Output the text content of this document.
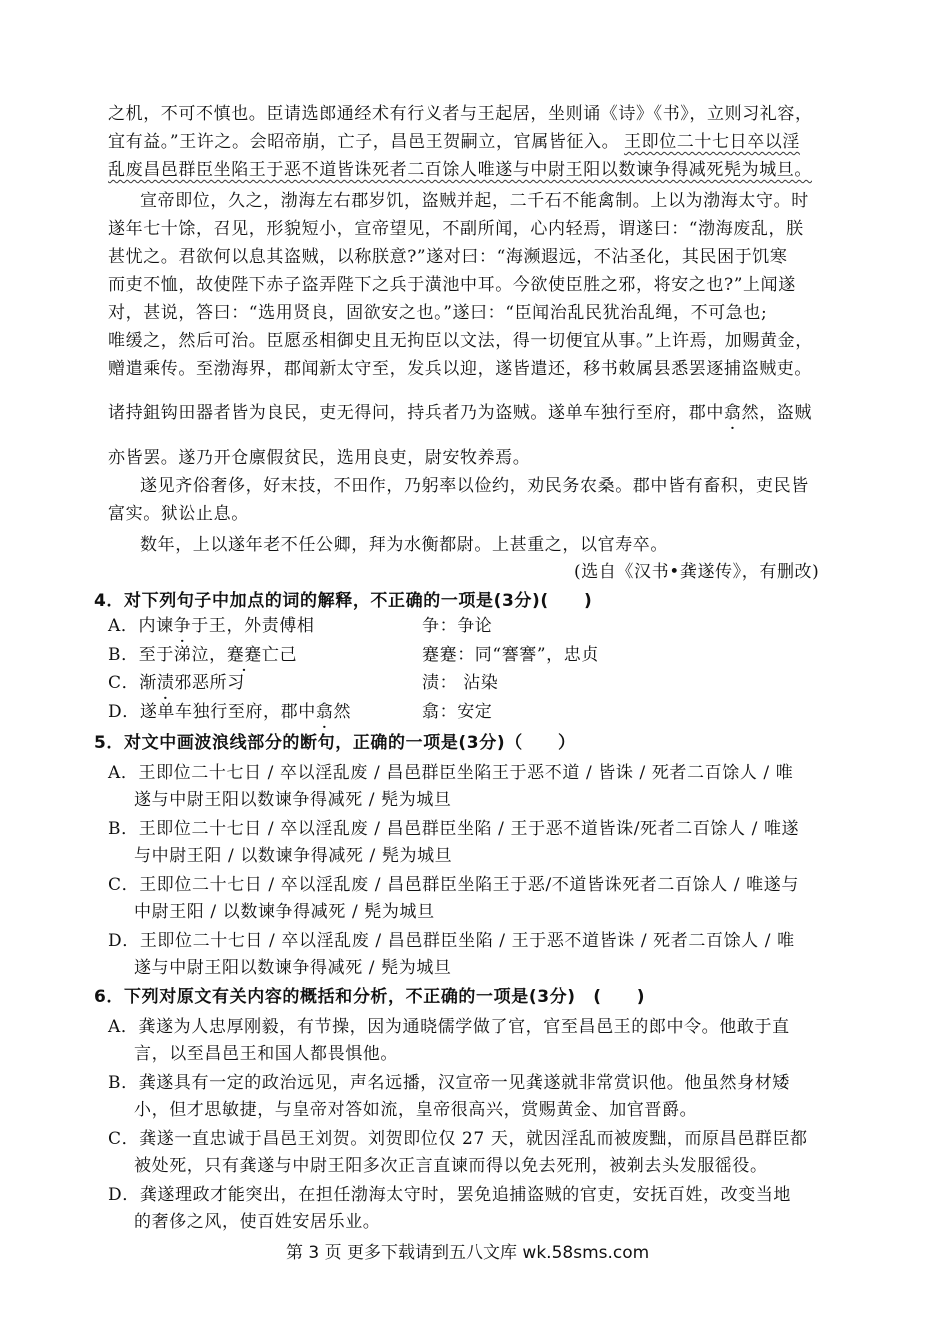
之机，不可不慎也。臣请选郎通经术有行义者与王起居，坐则诵《诗》《书》，立则习礼容，
宜有益。”王许之。会昭帝崩，亡子，昌邑王贺嗣立，官属皆征入。 王即位二十七日卒以淫
乱废昌邑群臣坐陷王于恶不道皆诛死者二百馀人唯遂与中尉王阳以数谏争得减死髡为城旦。
宣帝即位，久之，渤海左右郡岁饥，盗贼并起，二千石不能禽制。上以为渤海太守。时
遂年七十馀，召见，形貌短小，宣帝望见，不副所闻，心内轻焉，谓遂曰：“渤海废乱，朕
甚忧之。君欲何以息其盗贼，以称朕意?”遂对曰：“海濒遐远，不沾圣化，其民困于饥寒
而吏不恤，故使陛下赤子盗弄陛下之兵于潢池中耳。今欲使臣胜之邪，将安之也?”上闻遂
对，甚说，答曰：“选用贤良，固欲安之也。”遂曰：“臣闻治乱民犹治乱绳，不可急也;
唯缓之，然后可治。臣愿丞相御史且无拘臣以文法，得一切便宜从事。”上许焉，加赐黄金，
赠遣乘传。至渤海界，郡闻新太守至，发兵以迎，遂皆遣还，移书敕属县悉罢逐捕盗贼吏。
诸持鉏钩田器者皆为良民，吏无得问，持兵者乃为盗贼。遂单车独行至府，郡中翕然，盗贼
亦皆罢。遂乃开仓廪假贫民，选用良吏，尉安牧养焉。
遂见齐俗奢侈，好末技，不田作，乃躬率以俭约，劝民务农桑。郡中皆有畜积，吏民皆
富实。狱讼止息。
数年，上以遂年老不任公卿，拜为水衡都尉。上甚重之，以官寿卒。
(选自《汉书•龚遂传》，有删改)
4．对下列句子中加点的词的解释，不正确的一项是(3分)(　　)
A．内谏争于王，外责傅相	争：争论
B．至于涕泣，蹇蹇亡己	蹇蹇：同“謇謇”，忠贞
C．渐渍邪恶所习	渍： 沾染
D．遂单车独行至府，郡中翕然	翕：安定
5．对文中画波浪线部分的断句，正确的一项是(3分)（　　）
A．王即位二十七日 / 卒以淫乱废 / 昌邑群臣坐陷王于恶不道 / 皆诛 / 死者二百馀人 / 唯
遂与中尉王阳以数谏争得减死 / 髡为城旦
B．王即位二十七日 / 卒以淫乱废 / 昌邑群臣坐陷 / 王于恶不道皆诛/死者二百馀人 / 唯遂
与中尉王阳 / 以数谏争得减死 / 髡为城旦
C．王即位二十七日 / 卒以淫乱废 / 昌邑群臣坐陷王于恶/不道皆诛死者二百馀人 / 唯遂与
中尉王阳 / 以数谏争得减死 / 髡为城旦
D．王即位二十七日 / 卒以淫乱废 / 昌邑群臣坐陷 / 王于恶不道皆诛 / 死者二百馀人 / 唯
遂与中尉王阳以数谏争得减死 / 髡为城旦
6．下列对原文有关内容的概括和分析，不正确的一项是(3分)　(　　)
A．龚遂为人忠厚刚毅，有节操，因为通晓儒学做了官，官至昌邑王的郎中令。他敢于直
言，以至昌邑王和国人都畏惧他。
B．龚遂具有一定的政治远见，声名远播，汉宣帝一见龚遂就非常赏识他。他虽然身材矮
小，但才思敏捷，与皇帝对答如流，皇帝很高兴，赏赐黄金、加官晋爵。
C．龚遂一直忠诚于昌邑王刘贺。刘贺即位仅 27 天，就因淫乱而被废黜，而原昌邑群臣都
被处死，只有龚遂与中尉王阳多次正言直谏而得以免去死刑，被剃去头发服徭役。
D．龚遂理政才能突出，在担任渤海太守时，罢免追捕盗贼的官吏，安抚百姓，改变当地
的奢侈之风，使百姓安居乐业。
第 3 页 更多下载请到五八文库 wk.58sms.com
